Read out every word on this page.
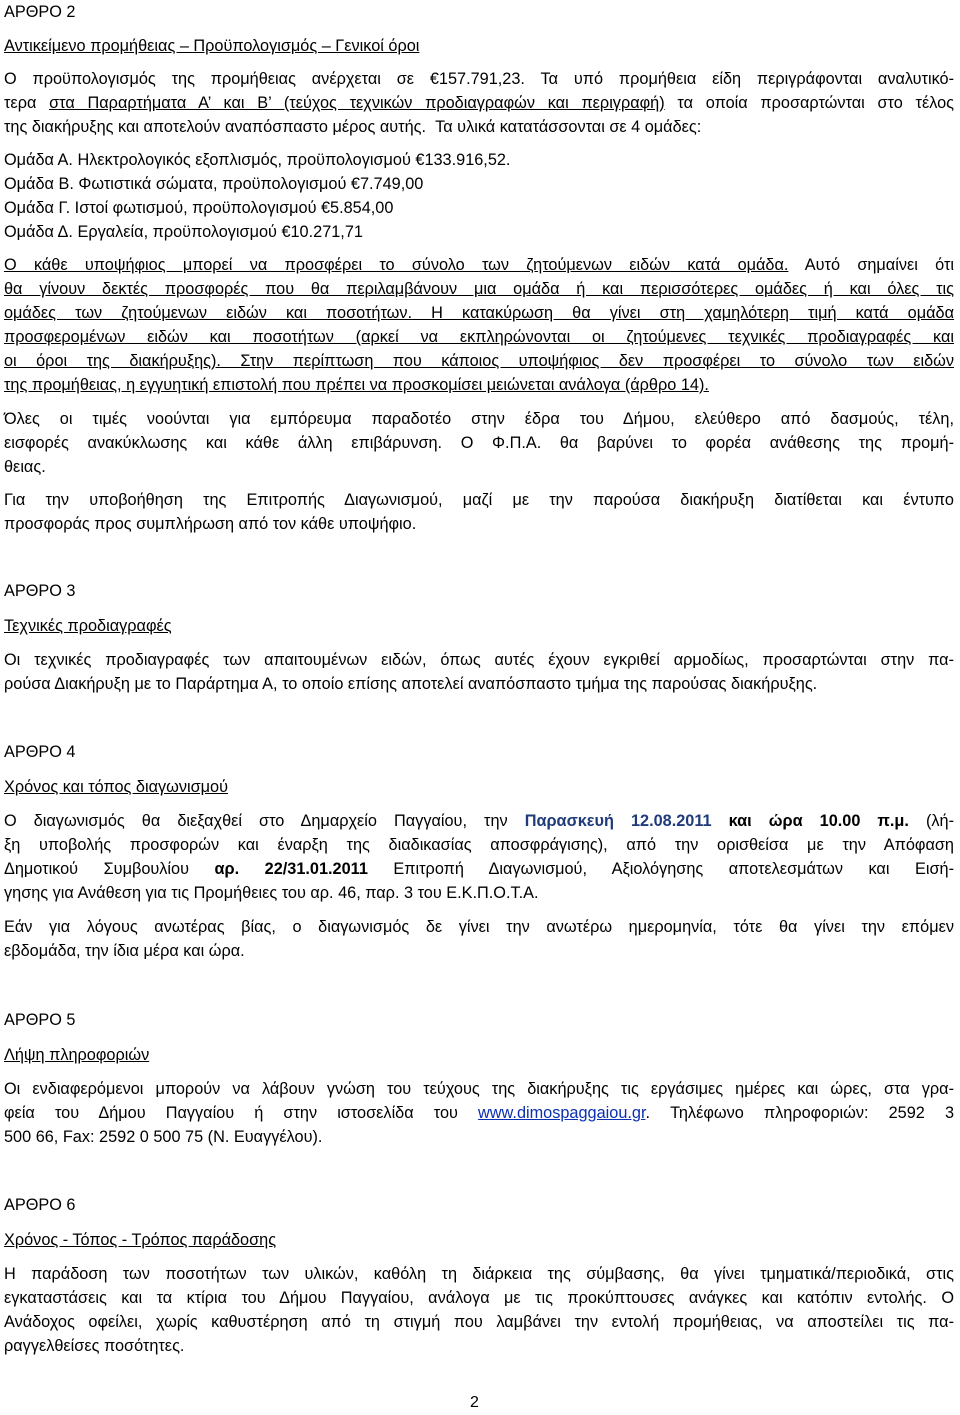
ΑΡΘΡΟ 2
Αντικείμενο προμήθειας – Προϋπολογισμός – Γενικοί όροι
Ο προϋπολογισμός της προμήθειας ανέρχεται σε €157.791,23. Τα υπό προμήθεια είδη περιγράφονται αναλυτικό-
τερα στα Παραρτήματα Α’ και Β’ (τεύχος τεχνικών προδιαγραφών και περιγραφή) τα οποία προσαρτώνται στο τέλος
της διακήρυξης και αποτελούν αναπόσπαστο μέρος αυτής. Τα υλικά κατατάσσονται σε 4 ομάδες:
Ομάδα Α. Ηλεκτρολογικός εξοπλισμός, προϋπολογισμού €133.916,52.
Ομάδα Β. Φωτιστικά σώματα, προϋπολογισμού €7.749,00
Ομάδα Γ. Ιστοί φωτισμού, προϋπολογισμού €5.854,00
Ομάδα Δ. Εργαλεία, προϋπολογισμού €10.271,71
Ο κάθε υποψήφιος μπορεί να προσφέρει το σύνολο των ζητούμενων ειδών κατά ομάδα. Αυτό σημαίνει ότι
θα γίνουν δεκτές προσφορές που θα περιλαμβάνουν μια ομάδα ή και περισσότερες ομάδες ή και όλες τις
ομάδες των ζητούμενων ειδών και ποσοτήτων. Η κατακύρωση θα γίνει στη χαμηλότερη τιμή κατά ομάδα
προσφερομένων ειδών και ποσοτήτων (αρκεί να εκπληρώνονται οι ζητούμενες τεχνικές προδιαγραφές και
οι όροι της διακήρυξης). Στην περίπτωση που κάποιος υποψήφιος δεν προσφέρει το σύνολο των ειδών
της προμήθειας, η εγγυητική επιστολή που πρέπει να προσκομίσει μειώνεται ανάλογα (άρθρο 14).
Όλες οι τιμές νοούνται για εμπόρευμα παραδοτέο στην έδρα του Δήμου, ελεύθερο από δασμούς, τέλη,
εισφορές ανακύκλωσης και κάθε άλλη επιβάρυνση. Ο Φ.Π.Α. θα βαρύνει το φορέα ανάθεσης της προμή-
θειας.
Για την υποβοήθηση της Επιτροπής Διαγωνισμού, μαζί με την παρούσα διακήρυξη διατίθεται και έντυπο
προσφοράς προς συμπλήρωση από τον κάθε υποψήφιο.
ΑΡΘΡΟ 3
Τεχνικές προδιαγραφές
Οι τεχνικές προδιαγραφές των απαιτουμένων ειδών, όπως αυτές έχουν εγκριθεί αρμοδίως, προσαρτώνται στην πα-
ρούσα Διακήρυξη με το Παράρτημα Α, το οποίο επίσης αποτελεί αναπόσπαστο τμήμα της παρούσας διακήρυξης.
ΑΡΘΡΟ 4
Χρόνος και τόπος διαγωνισμού
Ο διαγωνισμός θα διεξαχθεί στο Δημαρχείο Παγγαίου, την Παρασκευή 12.08.2011 και ώρα 10.00 π.μ. (λή-
ξη υποβολής προσφορών και έναρξη της διαδικασίας αποσφράγισης), από την ορισθείσα με την Απόφαση
Δημοτικού Συμβουλίου αρ. 22/31.01.2011 Επιτροπή Διαγωνισμού, Αξιολόγησης αποτελεσμάτων και Εισή-
γησης για Ανάθεση για τις Προμήθειες του αρ. 46, παρ. 3 του Ε.Κ.Π.Ο.Τ.Α.
Εάν για λόγους ανωτέρας βίας, ο διαγωνισμός δε γίνει την ανωτέρω ημερομηνία, τότε θα γίνει την επόμεν
εβδομάδα, την ίδια μέρα και ώρα.
ΑΡΘΡΟ 5
Λήψη πληροφοριών
Οι ενδιαφερόμενοι μπορούν να λάβουν γνώση του τεύχους της διακήρυξης τις εργάσιμες ημέρες και ώρες, στα γρα-
φεία του Δήμου Παγγαίου ή στην ιστοσελίδα του www.dimospaggaiou.gr. Τηλέφωνο πληροφοριών: 2592 3
500 66, Fax: 2592 0 500 75 (Ν. Ευαγγέλου).
ΑΡΘΡΟ 6
Χρόνος - Τόπος - Τρόπος παράδοσης
Η παράδοση των ποσοτήτων των υλικών, καθόλη τη διάρκεια της σύμβασης, θα γίνει τμηματικά/περιοδικά, στις
εγκαταστάσεις και τα κτίρια του Δήμου Παγγαίου, ανάλογα με τις προκύπτουσες ανάγκες και κατόπιν εντολής. Ο
Ανάδοχος οφείλει, χωρίς καθυστέρηση από τη στιγμή που λαμβάνει την εντολή προμήθειας, να αποστείλει τις πα-
ραγγελθείσες ποσότητες.
2
